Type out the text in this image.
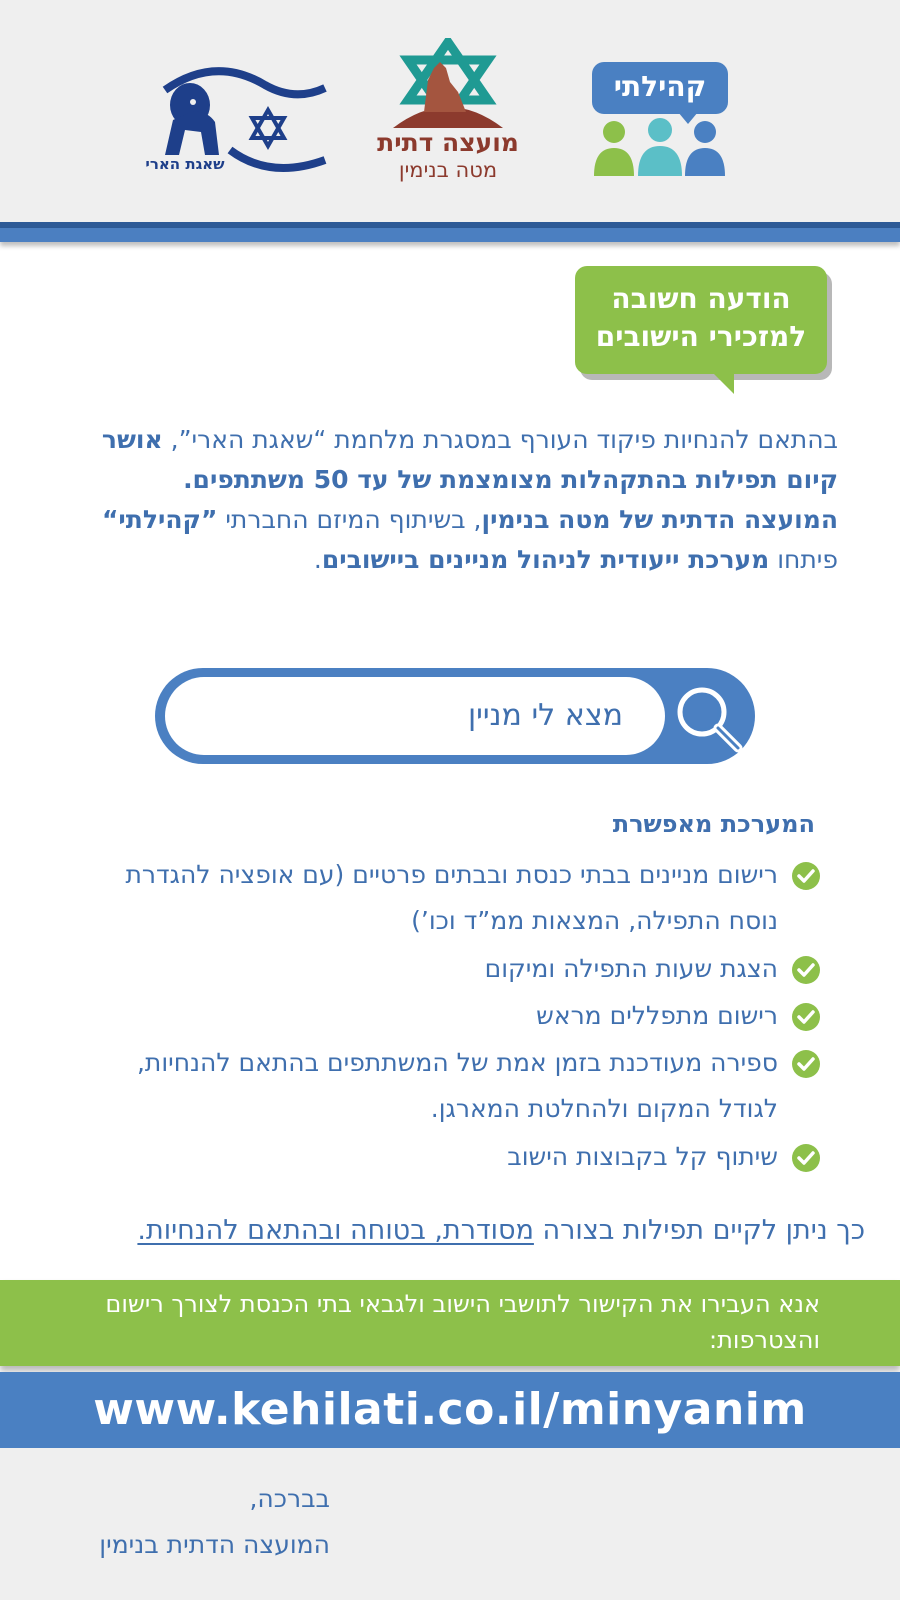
קהילתי
מועצה דתית
מטה בנימין
שאגת הארי
הודעה חשובה
למזכירי הישובים

בהתאם להנחיות פיקוד העורף במסגרת מלחמת “שאגת הארי”, אושר קיום תפילות בהתקהלות מצומצמת של עד 50 משתתפים.

המועצה הדתית של מטה בנימין, בשיתוף המיזם החברתי ”קהילתי“ פיתחו מערכת ייעודית לניהול מניינים ביישובים.

מצא לי מניין
המערכת מאפשרת
רישום מניינים בבתי כנסת ובבתים פרטיים (עם אופציה להגדרת נוסח התפילה, המצאות ממ”ד וכו’)
הצגת שעות התפילה ומיקום
רישום מתפללים מראש
ספירה מעודכנת בזמן אמת של המשתתפים בהתאם להנחיות, לגודל המקום ולהחלטת המארגן.
שיתוף קל בקבוצות הישוב
כך ניתן לקיים תפילות בצורה מסודרת, בטוחה ובהתאם להנחיות.
אנא העבירו את הקישור לתושבי הישוב ולגבאי בתי הכנסת לצורך רישום והצטרפות:
www.kehilati.co.il/minyanim
בברכה,
המועצה הדתית בנימין
